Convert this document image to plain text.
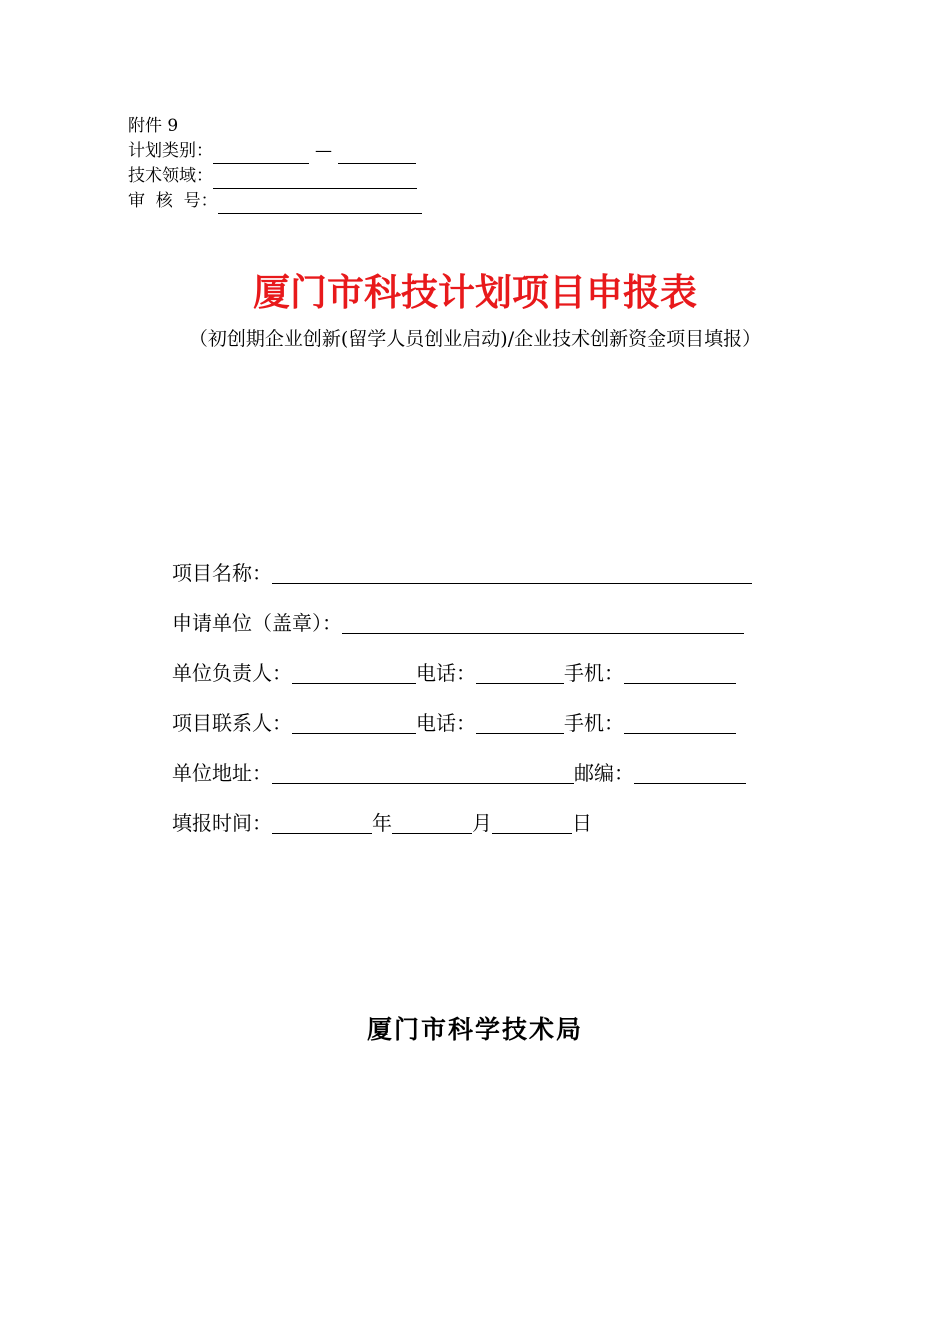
附件 9
计划类别：	—
技术领域：
审  核  号：
厦门市科技计划项目申报表
（初创期企业创新(留学人员创业启动)/企业技术创新资金项目填报）
项目名称：
申请单位（盖章）：
单位负责人：	电话：	手机：
项目联系人：	电话：	手机：
单位地址：	邮编：
填报时间：	年	月	日
厦门市科学技术局
